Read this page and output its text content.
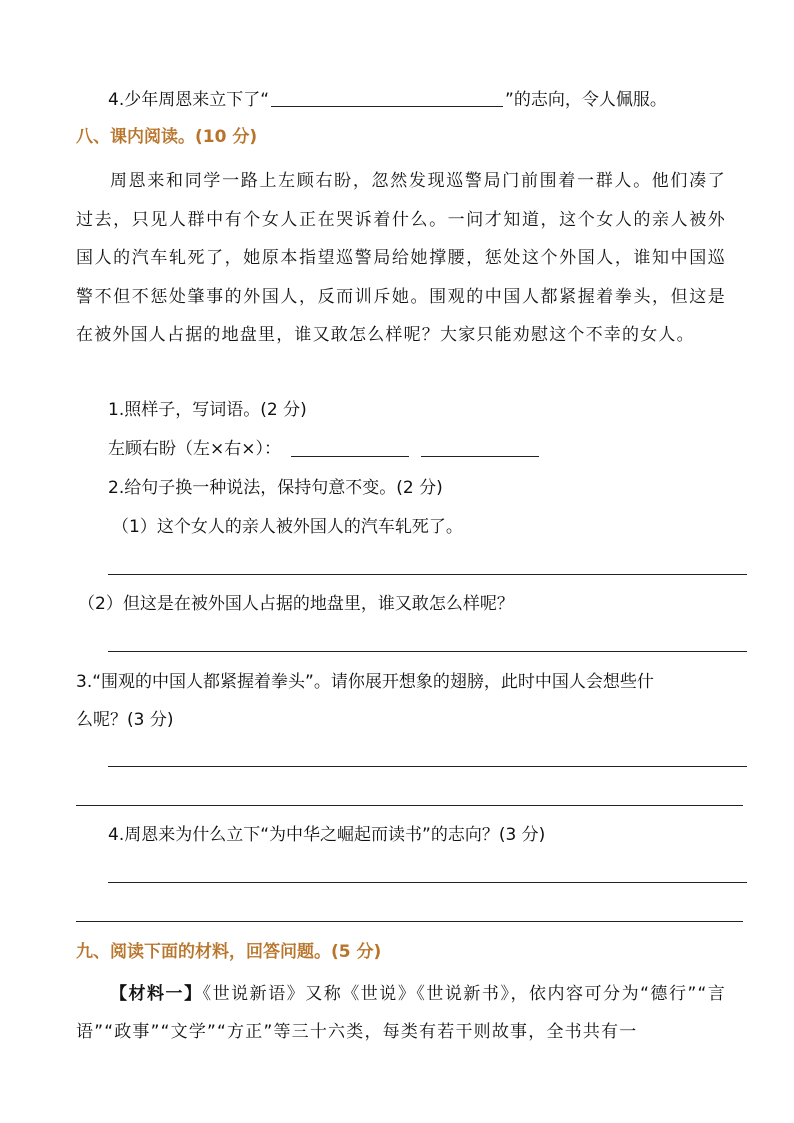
4.少年周恩来立下了“	”的志向，令人佩服。
八、课内阅读。(10 分)
周恩来和同学一路上左顾右盼，忽然发现巡警局门前围着一群人。他们凑了过去，只见人群中有个女人正在哭诉着什么。一问才知道，这个女人的亲人被外国人的汽车轧死了，她原本指望巡警局给她撑腰，惩处这个外国人，谁知中国巡警不但不惩处肇事的外国人，反而训斥她。围观的中国人都紧握着拳头，但这是在被外国人占据的地盘里，谁又敢怎么样呢？大家只能劝慰这个不幸的女人。
1.照样子，写词语。(2 分)
左顾右盼（左×右×）：
2.给句子换一种说法，保持句意不变。(2 分)
（1）这个女人的亲人被外国人的汽车轧死了。
（2）但这是在被外国人占据的地盘里，谁又敢怎么样呢？
3.“围观的中国人都紧握着拳头”。请你展开想象的翅膀，此时中国人会想些什
么呢？(3 分)
4.周恩来为什么立下“为中华之崛起而读书”的志向？(3 分)
九、阅读下面的材料，回答问题。(5 分)
【材料一】《世说新语》又称《世说》《世说新书》，依内容可分为“德行”“言语”“政事”“文学”“方正”等三十六类，每类有若干则故事，全书共有一
